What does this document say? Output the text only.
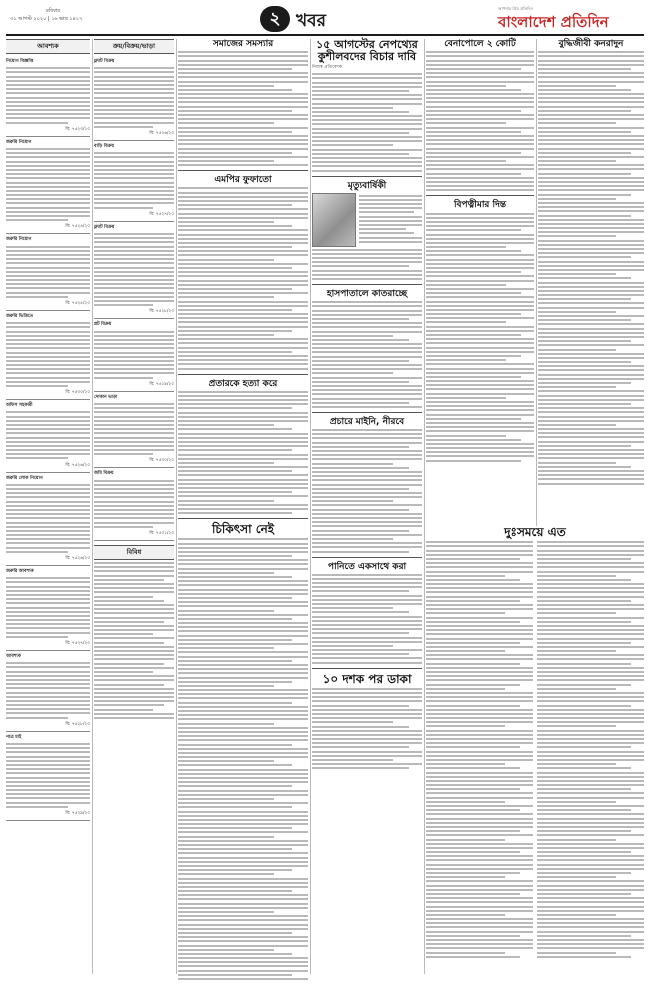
রবিবার
৩১ আগস্ট ২০২০ | ১৬ ভাদ্র ১৪২৭	২ খবর
আপনার প্রিয় প্রতিদিন
বাংলাদেশ প্রতিদিন
আবশ্যক
নিয়োগ বিজ্ঞপ্তি
বি: ৭৫২৩/২০
জরুরি নিয়োগ
বি: ৭৫২৪/২০
জরুরি নিয়োগ
বি: ৭৫২৫/২০
জরুরি ভিত্তিতে
বি: ৭৫৩০/২০
অফিস সহকারী
বি: ৭৫২৬/২০
জরুরি লোক নিয়োগ
বি: ৭৫২৬/২০
জরুরি আবশ্যক
বি: ৭৫২৭/২০
আবশ্যক
বি: ৭৫২৮/২০
পাত্র চাই
বি: ৭৫২৯/২০
ক্রয়/বিক্রয়/ভাড়া
ফ্ল্যাট বিক্রয়
বি: ৭৫২৬/২০
বাড়ি বিক্রয়
বি: ৭৫২৭/২০
ফ্ল্যাট বিক্রয়
বি: ৭৫২৮/২০
প্লট বিক্রয়
বি: ৭৫২৯/২০
দোকান ভাড়া
বি: ৭৫৩০/২০
জমি বিক্রয়
বি: ৭৫৩১/২০
বিবিধ
সমাজের সমস্যার
এমপির ফুফাতো
প্রতারকে হত্যা করে
চিকিৎসা নেই
১৫ আগস্টের নেপথ্যের কুশীলবদের বিচার দাবি
নিজস্ব প্রতিবেদক
মৃত্যুবার্ষিকী
হাসপাতালে কাতরাচ্ছে
প্রচারে মাইনি, নীরবে
পানিতে একসাথে করা
১০ দশক পর ডাকা
বেনাপোলে ২ কোটি
বিপত্নীমার দিন্ত
বুদ্ধিজীবী কনরাদুন
দুঃসময়ে এত
